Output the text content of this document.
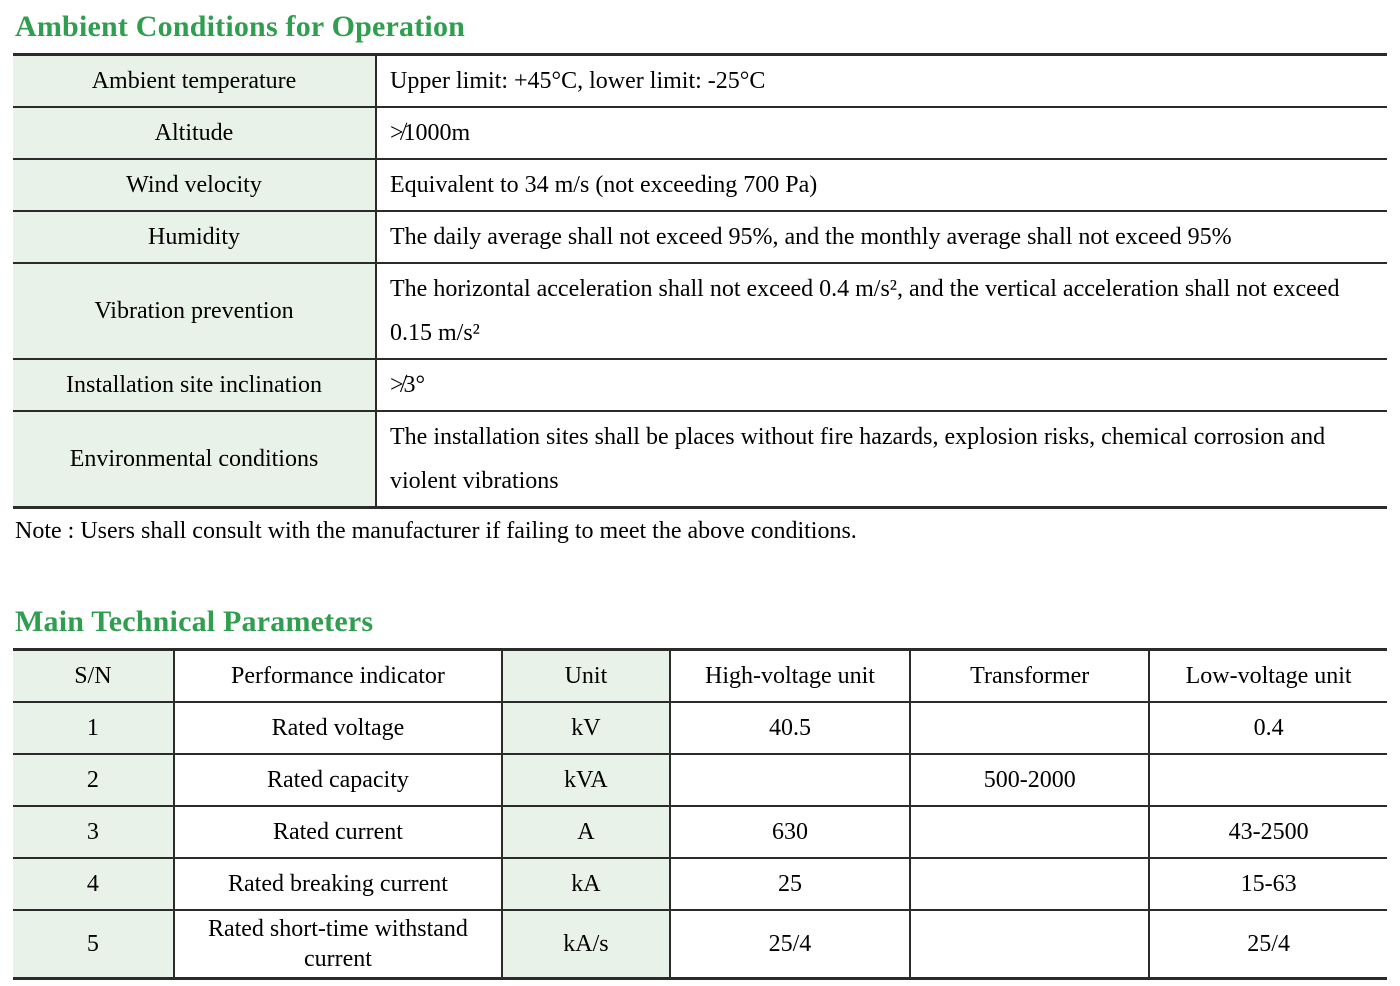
Ambient Conditions for Operation
Ambient temperature	Upper limit: +45°C, lower limit: -25°C
Altitude	≯1000m
Wind velocity	Equivalent to 34 m/s (not exceeding 700 Pa)
Humidity	The daily average shall not exceed 95%, and the monthly average shall not exceed 95%
Vibration prevention	The horizontal acceleration shall not exceed 0.4 m/s², and the vertical acceleration shall not exceed 0.15 m/s²
Installation site inclination	≯3°
Environmental conditions	The installation sites shall be places without fire hazards, explosion risks, chemical corrosion and violent vibrations
Note : Users shall consult with the manufacturer if failing to meet the above conditions.
Main Technical Parameters
S/N	Performance indicator	Unit	High-voltage unit	Transformer	Low-voltage unit
1	Rated voltage	kV	40.5		0.4
2	Rated capacity	kVA		500-2000	
3	Rated current	A	630		43-2500
4	Rated breaking current	kA	25		15-63
5	Rated short-time withstand current	kA/s	25/4		25/4
